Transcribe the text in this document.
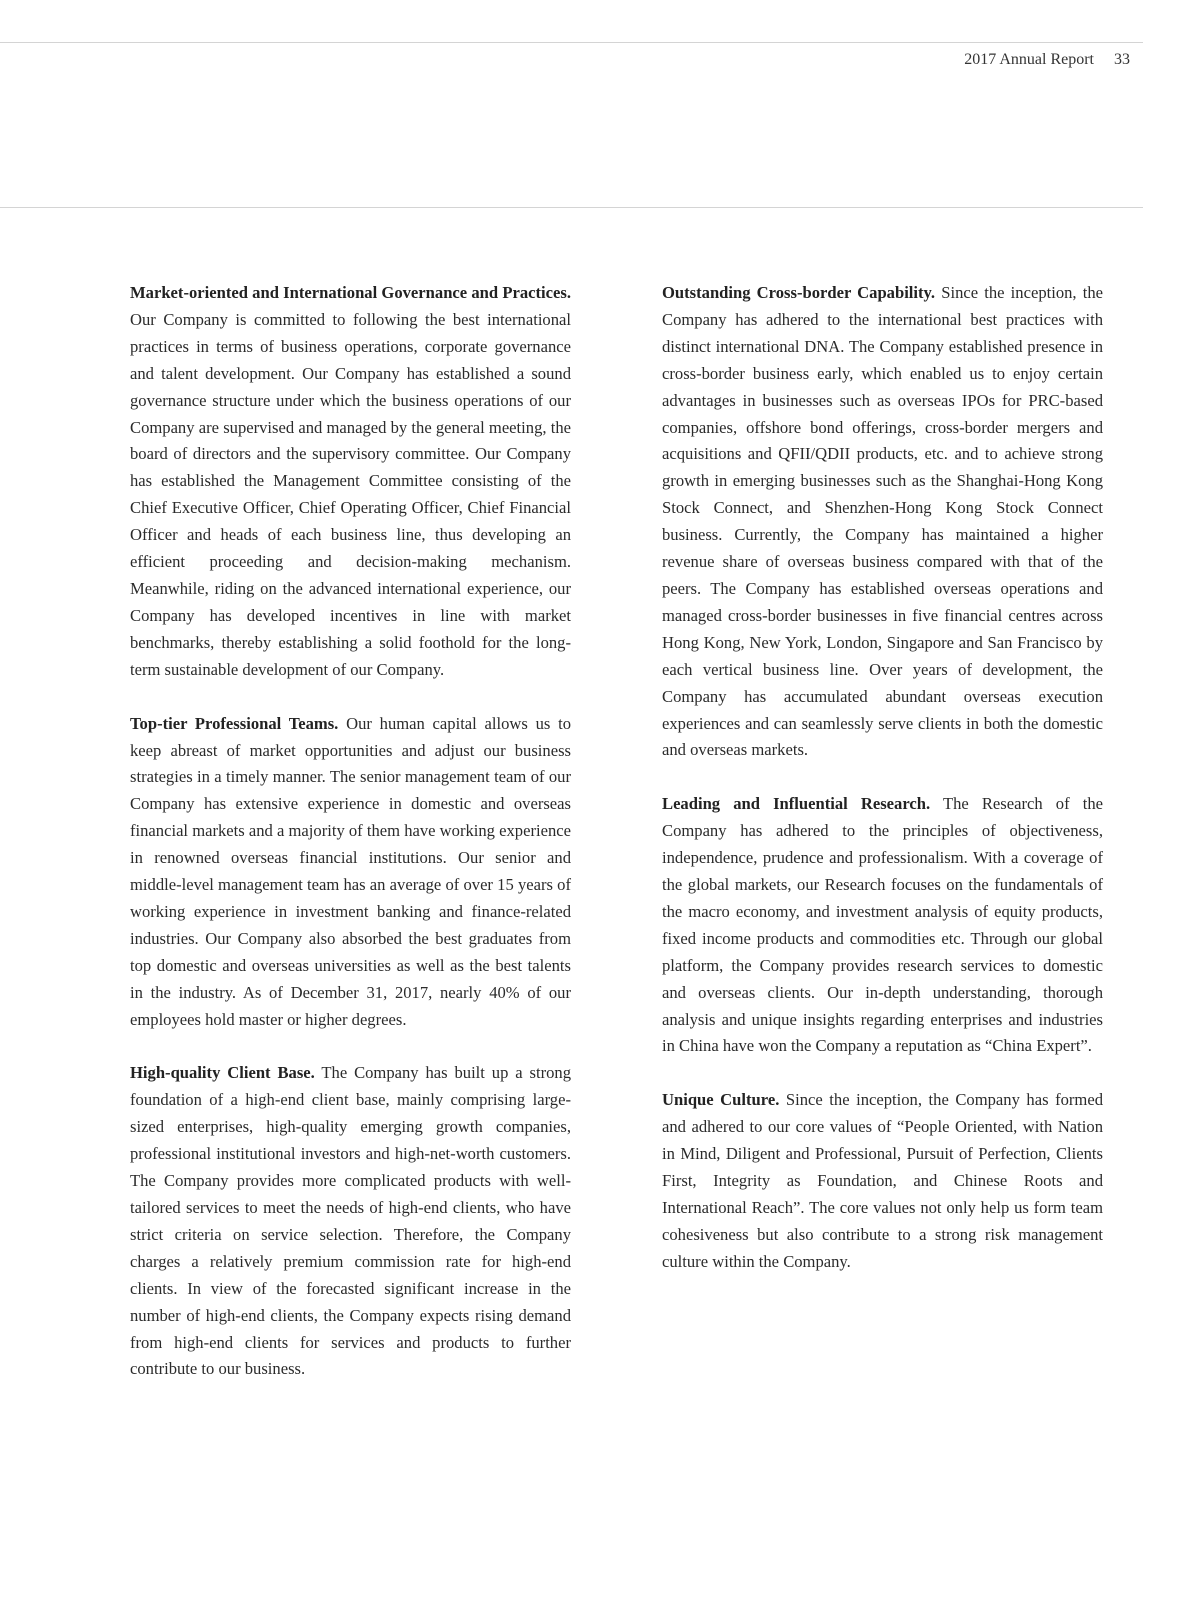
2017 Annual Report 33

Market-oriented and International Governance and Practices. Our Company is committed to following the best international practices in terms of business operations, corporate governance and talent development. Our Company has established a sound governance structure under which the business operations of our Company are supervised and managed by the general meeting, the board of directors and the supervisory committee. Our Company has established the Management Committee consisting of the Chief Executive Officer, Chief Operating Officer, Chief Financial Officer and heads of each business line, thus developing an efficient proceeding and decision-making mechanism. Meanwhile, riding on the advanced international experience, our Company has developed incentives in line with market benchmarks, thereby establishing a solid foothold for the long-term sustainable development of our Company.

Top-tier Professional Teams. Our human capital allows us to keep abreast of market opportunities and adjust our business strategies in a timely manner. The senior management team of our Company has extensive experience in domestic and overseas financial markets and a majority of them have working experience in renowned overseas financial institutions. Our senior and middle-level management team has an average of over 15 years of working experience in investment banking and finance-related industries. Our Company also absorbed the best graduates from top domestic and overseas universities as well as the best talents in the industry. As of December 31, 2017, nearly 40% of our employees hold master or higher degrees.

High-quality Client Base. The Company has built up a strong foundation of a high-end client base, mainly comprising large-sized enterprises, high-quality emerging growth companies, professional institutional investors and high-net-worth customers. The Company provides more complicated products with well-tailored services to meet the needs of high-end clients, who have strict criteria on service selection. Therefore, the Company charges a relatively premium commission rate for high-end clients. In view of the forecasted significant increase in the number of high-end clients, the Company expects rising demand from high-end clients for services and products to further contribute to our business.

Outstanding Cross-border Capability. Since the inception, the Company has adhered to the international best practices with distinct international DNA. The Company established presence in cross-border business early, which enabled us to enjoy certain advantages in businesses such as overseas IPOs for PRC-based companies, offshore bond offerings, cross-border mergers and acquisitions and QFII/QDII products, etc. and to achieve strong growth in emerging businesses such as the Shanghai-Hong Kong Stock Connect, and Shenzhen-Hong Kong Stock Connect business. Currently, the Company has maintained a higher revenue share of overseas business compared with that of the peers. The Company has established overseas operations and managed cross-border businesses in five financial centres across Hong Kong, New York, London, Singapore and San Francisco by each vertical business line. Over years of development, the Company has accumulated abundant overseas execution experiences and can seamlessly serve clients in both the domestic and overseas markets.

Leading and Influential Research. The Research of the Company has adhered to the principles of objectiveness, independence, prudence and professionalism. With a coverage of the global markets, our Research focuses on the fundamentals of the macro economy, and investment analysis of equity products, fixed income products and commodities etc. Through our global platform, the Company provides research services to domestic and overseas clients. Our in-depth understanding, thorough analysis and unique insights regarding enterprises and industries in China have won the Company a reputation as “China Expert”.

Unique Culture. Since the inception, the Company has formed and adhered to our core values of “People Oriented, with Nation in Mind, Diligent and Professional, Pursuit of Perfection, Clients First, Integrity as Foundation, and Chinese Roots and International Reach”. The core values not only help us form team cohesiveness but also contribute to a strong risk management culture within the Company.
